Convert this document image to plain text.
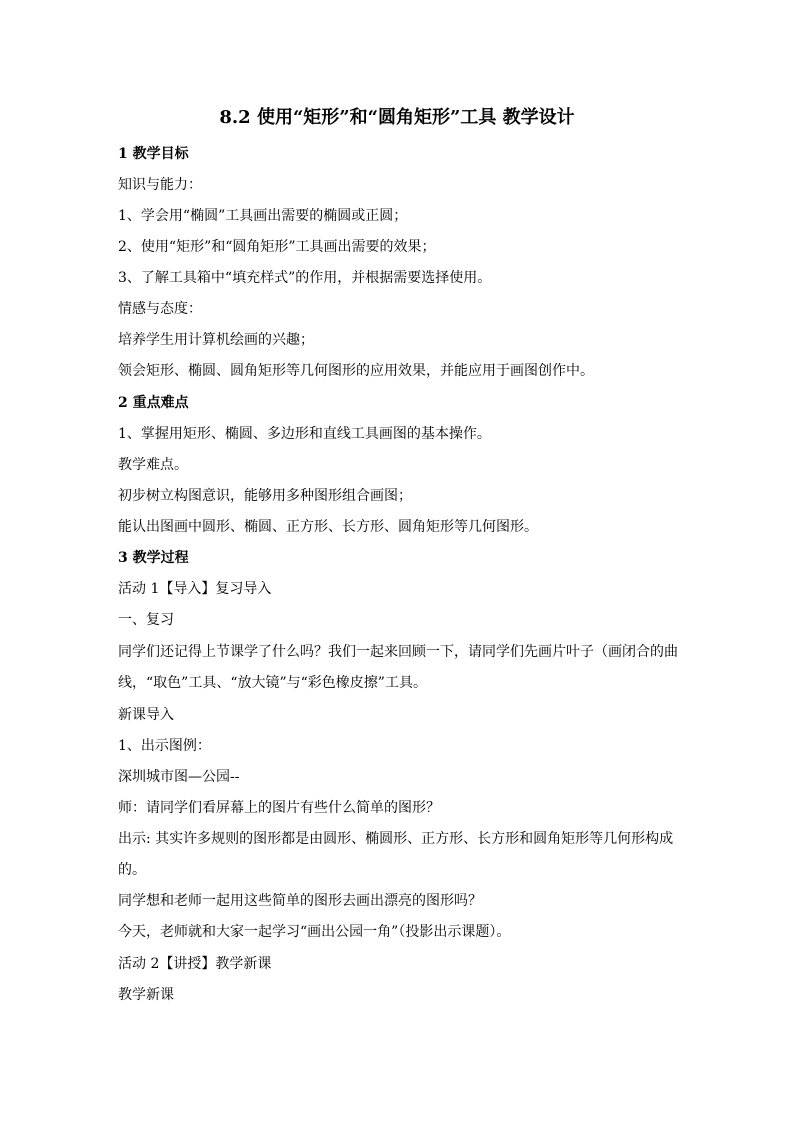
8.2 使用“矩形”和“圆角矩形”工具 教学设计
1 教学目标
知识与能力：
1、学会用“椭圆”工具画出需要的椭圆或正圆；
2、使用“矩形”和“圆角矩形”工具画出需要的效果；
3、了解工具箱中“填充样式”的作用，并根据需要选择使用。
情感与态度：
培养学生用计算机绘画的兴趣；
领会矩形、椭圆、圆角矩形等几何图形的应用效果，并能应用于画图创作中。
2 重点难点
1、掌握用矩形、椭圆、多边形和直线工具画图的基本操作。
教学难点。
初步树立构图意识，能够用多种图形组合画图；
能认出图画中圆形、椭圆、正方形、长方形、圆角矩形等几何图形。
3 教学过程
活动 1【导入】复习导入
一、复习
同学们还记得上节课学了什么吗？我们一起来回顾一下，请同学们先画片叶子（画闭合的曲
线，“取色”工具、“放大镜”与“彩色橡皮擦”工具。
新课导入
1、出示图例：
深圳城市图—公园--
师：请同学们看屏幕上的图片有些什么简单的图形？
出示: 其实许多规则的图形都是由圆形、椭圆形、正方形、长方形和圆角矩形等几何形构成
的。
同学想和老师一起用这些简单的图形去画出漂亮的图形吗？
今天，老师就和大家一起学习“画出公园一角”（投影出示课题）。
活动 2【讲授】教学新课
教学新课
